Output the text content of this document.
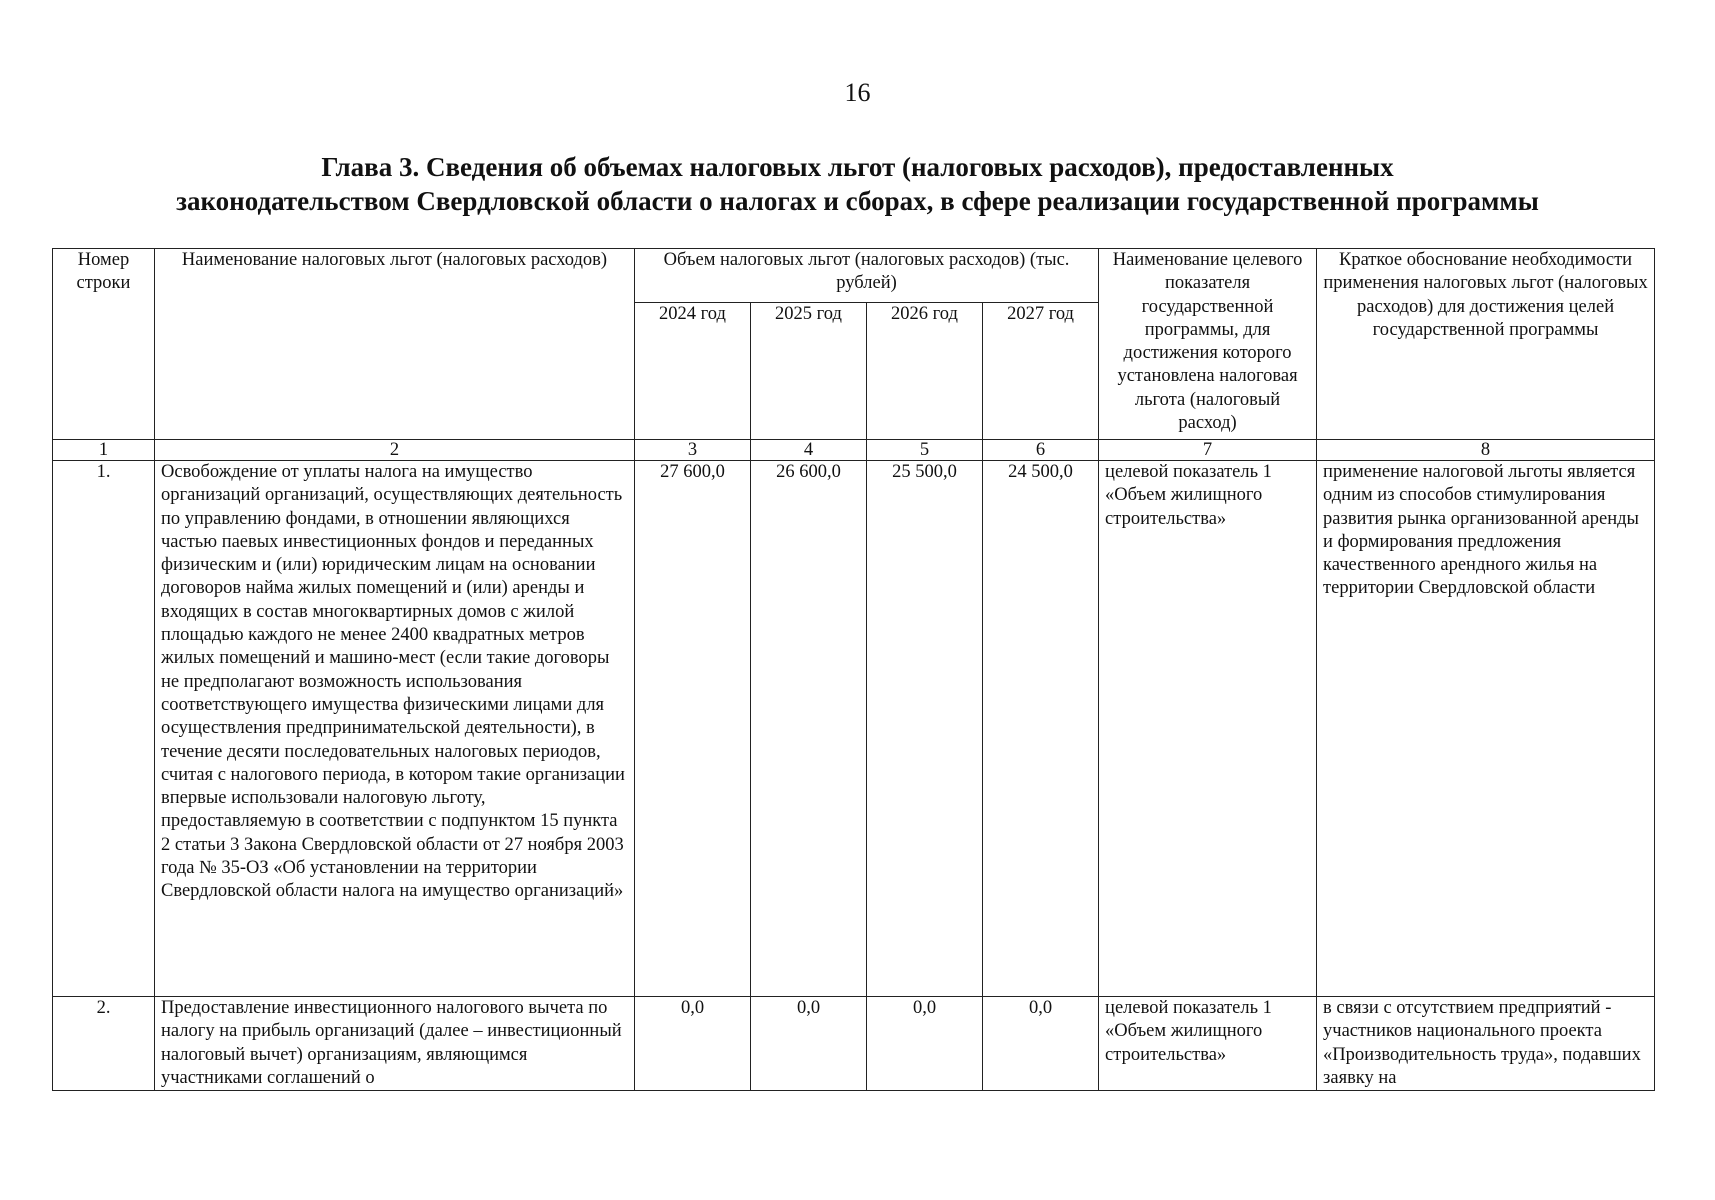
16
Глава 3. Сведения об объемах налоговых льгот (налоговых расходов), предоставленных
законодательством Свердловской области о налогах и сборах, в сфере реализации государственной программы
Номер строки	Наименование налоговых льгот (налоговых расходов)	Объем налоговых льгот (налоговых расходов) (тыс. рублей)				Наименование целевого показателя государственной программы, для достижения которого установлена налоговая льгота (налоговый расход)	Краткое обоснование необходимости применения налоговых льгот (налоговых расходов) для достижения целей государственной программы
		2024 год	2025 год	2026 год	2027 год		
1	2	3	4	5	6	7	8
1.	Освобождение от уплаты налога на имущество организаций организаций, осуществляющих деятельность по управлению фондами, в отношении являющихся частью паевых инвестиционных фондов и переданных физическим и (или) юридическим лицам на основании договоров найма жилых помещений и (или) аренды и входящих в состав многоквартирных домов с жилой площадью каждого не менее 2400 квадратных метров жилых помещений и машино-мест (если такие договоры не предполагают возможность использования соответствующего имущества физическими лицами для осуществления предпринимательской деятельности), в течение десяти последовательных налоговых периодов, считая с налогового периода, в котором такие организации впервые использовали налоговую льготу, предоставляемую в соответствии с подпунктом 15 пункта 2 статьи 3 Закона Свердловской области от 27 ноября 2003 года № 35-ОЗ «Об установлении на территории Свердловской области налога на имущество организаций»	27 600,0	26 600,0	25 500,0	24 500,0	целевой показатель 1 «Объем жилищного строительства»	применение налоговой льготы является одним из способов стимулирования развития рынка организованной аренды и формирования предложения качественного арендного жилья на территории Свердловской области
2.	Предоставление инвестиционного налогового вычета по налогу на прибыль организаций (далее – инвестиционный налоговый вычет) организациям, являющимся участниками соглашений о	0,0	0,0	0,0	0,0	целевой показатель 1 «Объем жилищного строительства»	в связи с отсутствием предприятий - участников национального проекта «Производительность труда», подавших заявку на
